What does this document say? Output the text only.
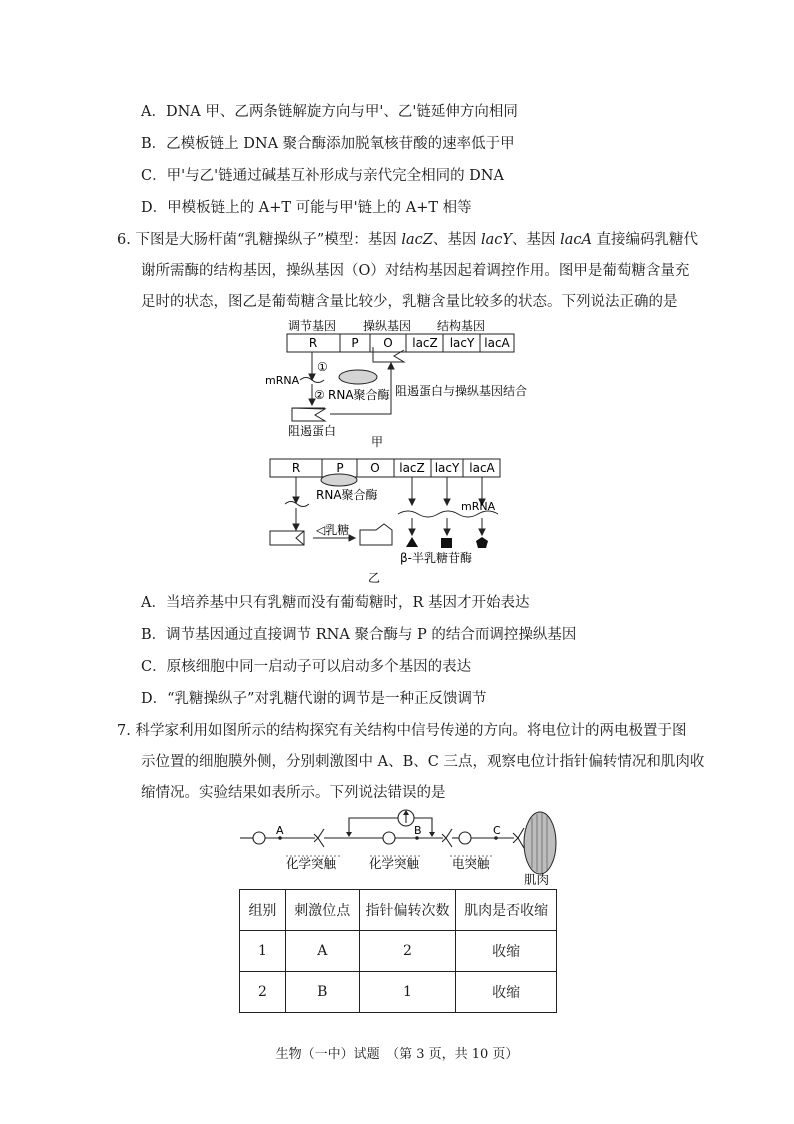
A．DNA 甲、乙两条链解旋方向与甲'、乙'链延伸方向相同
B．乙模板链上 DNA 聚合酶添加脱氧核苷酸的速率低于甲
C．甲'与乙'链通过碱基互补形成与亲代完全相同的 DNA
D．甲模板链上的 A+T 可能与甲'链上的 A+T 相等
6. 下图是大肠杆菌“乳糖操纵子”模型：基因 lacZ、基因 lacY、基因 lacA 直接编码乳糖代
谢所需酶的结构基因，操纵基因（O）对结构基因起着调控作用。图甲是葡萄糖含量充
足时的状态，图乙是葡萄糖含量比较少，乳糖含量比较多的状态。下列说法正确的是
调节基因 操纵基因 结构基因
R	P O lacZ lacY lacA
①
mRNA
② RNA聚合酶 阻遏蛋白与操纵基因结合
阻遏蛋白
甲
R	P O lacZ lacY lacA
RNA聚合酶
mRNA
◁乳糖
β-半乳糖苷酶
乙
A．当培养基中只有乳糖而没有葡萄糖时，R 基因才开始表达
B．调节基因通过直接调节 RNA 聚合酶与 P 的结合而调控操纵基因
C．原核细胞中同一启动子可以启动多个基因的表达
D．“乳糖操纵子”对乳糖代谢的调节是一种正反馈调节
7. 科学家利用如图所示的结构探究有关结构中信号传递的方向。将电位计的两电极置于图
示位置的细胞膜外侧，分别刺激图中 A、B、C 三点，观察电位计指针偏转情况和肌肉收
缩情况。实验结果如表所示。下列说法错误的是
A	B	C
化学突触	化学突触	电突触
肌肉
组别	刺激位点	指针偏转次数	肌肉是否收缩
1	A	2	收缩
2	B	1	收缩
生物（一中）试题　（第 3 页，共 10 页）
